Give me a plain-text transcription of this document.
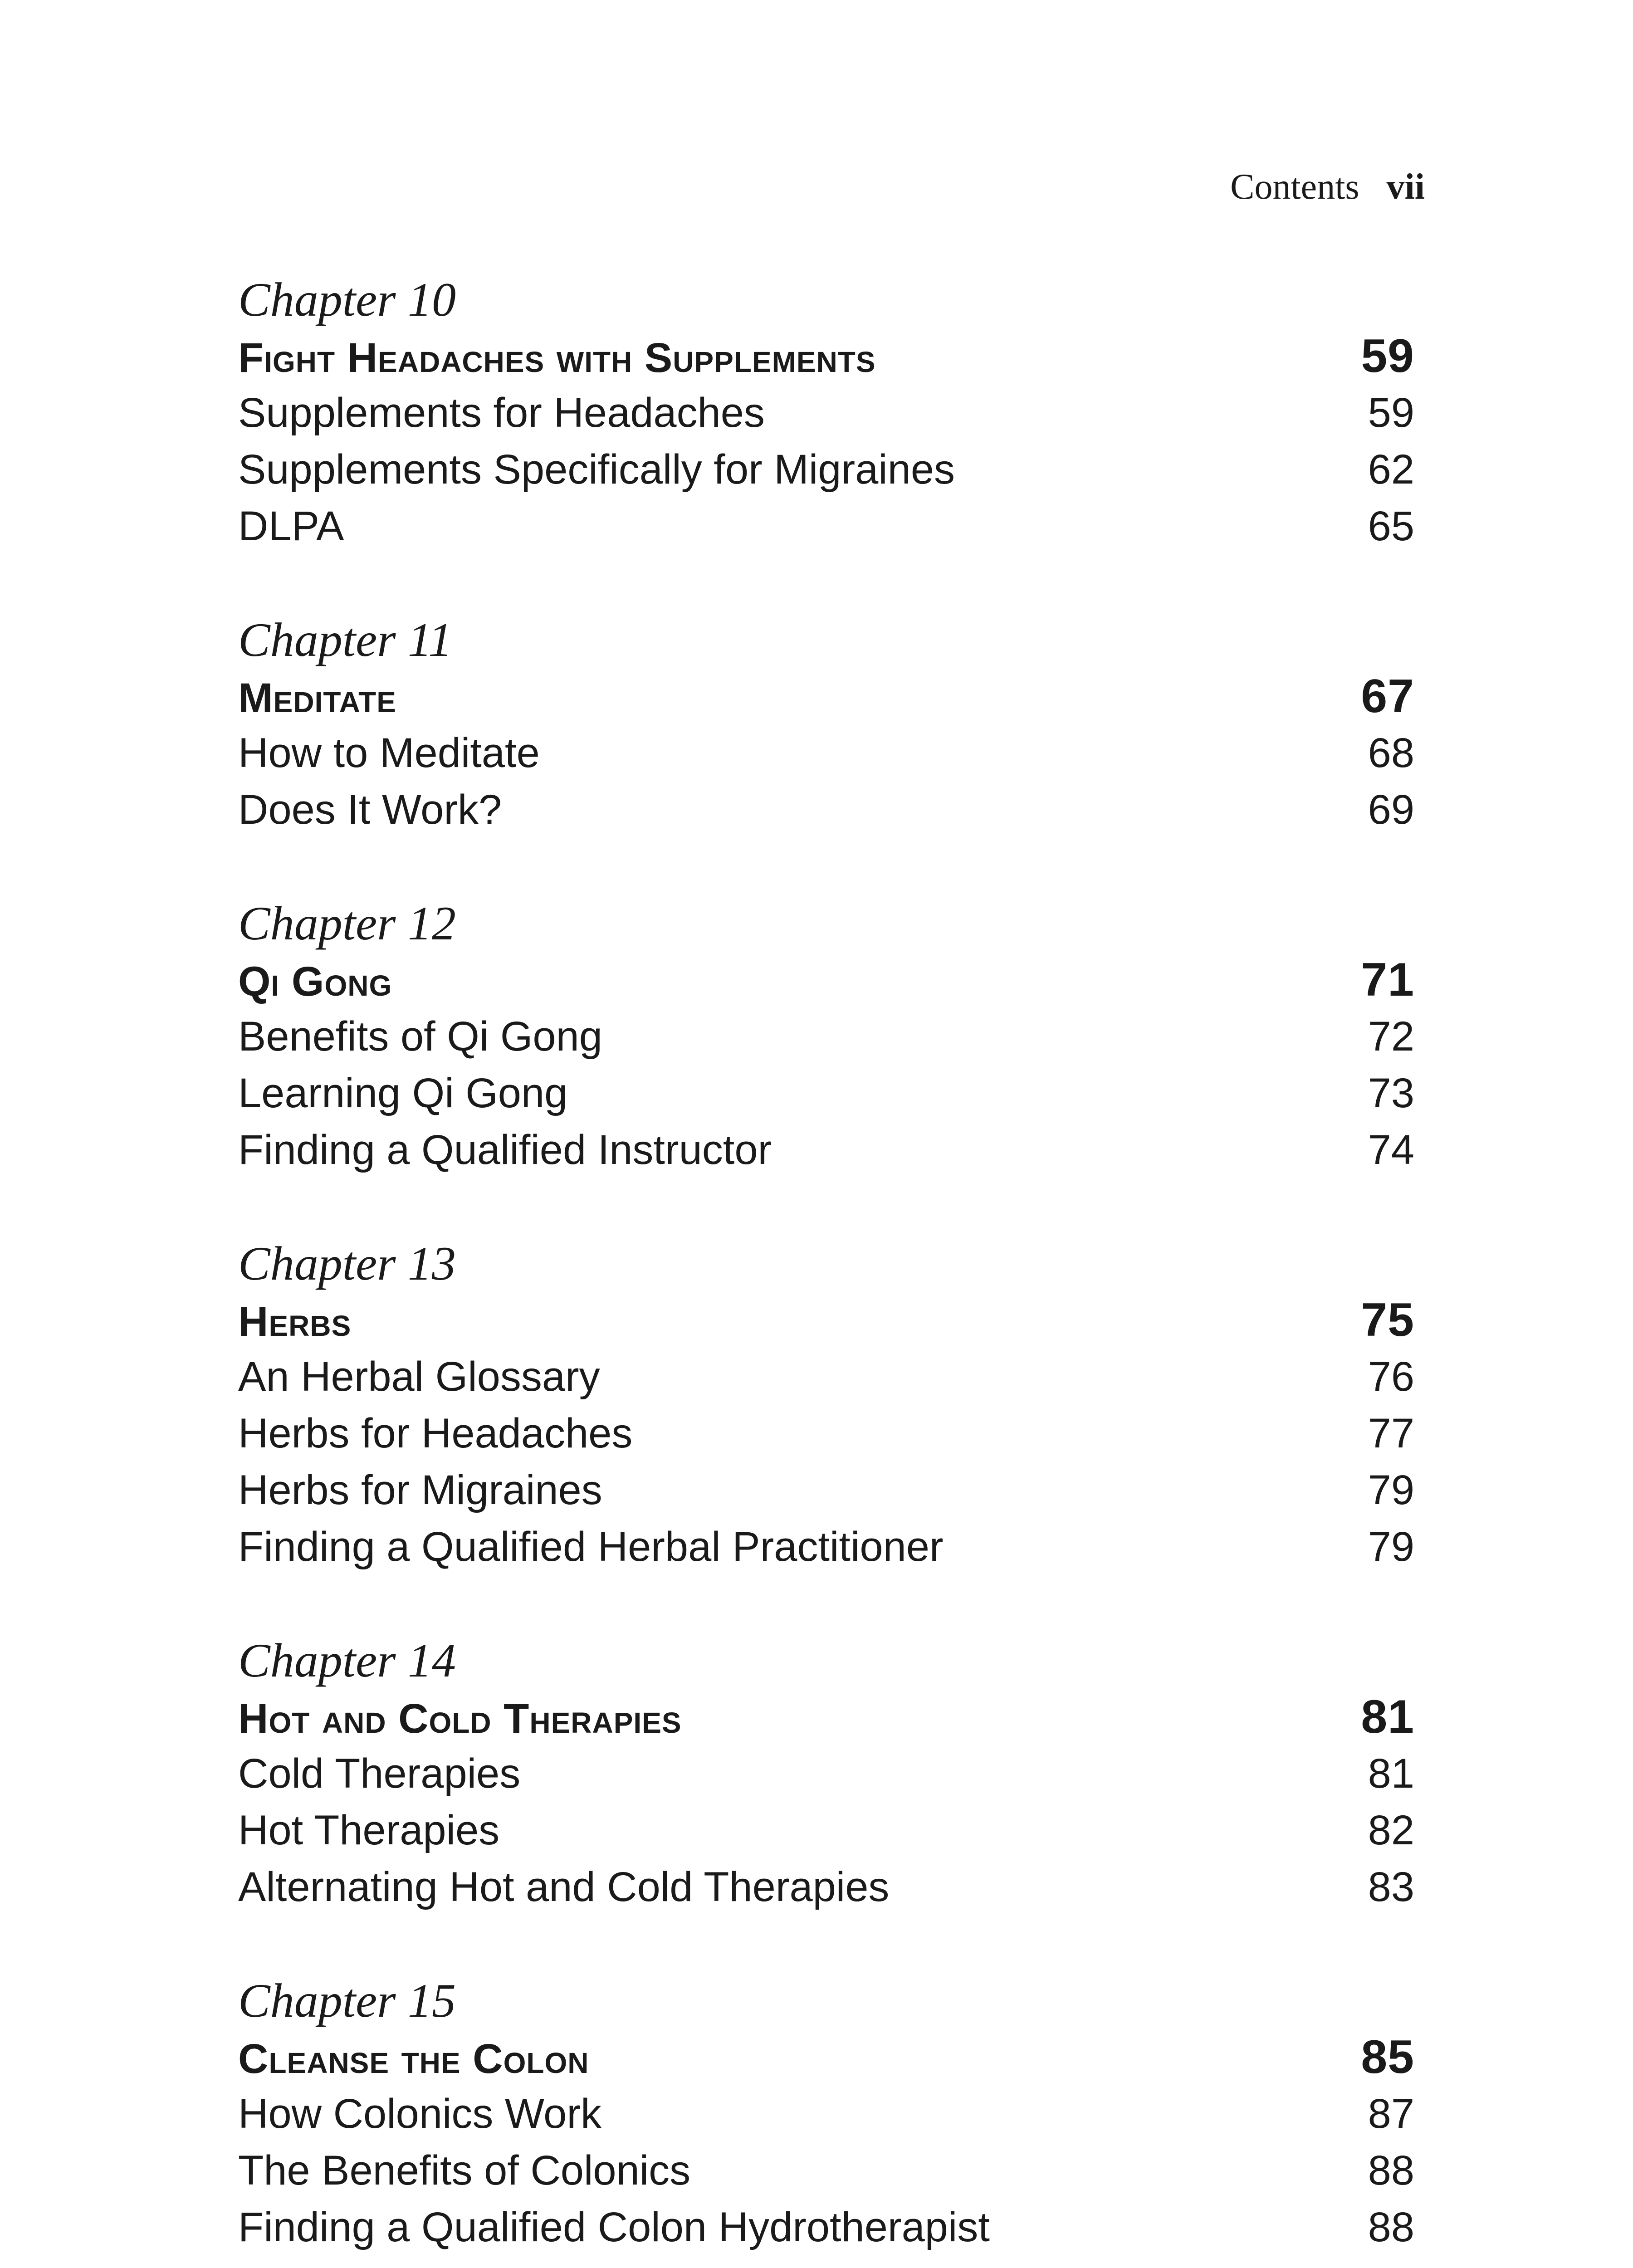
Contents vii
Chapter 10
Fight Headaches with Supplements	59
Supplements for Headaches	59
Supplements Specifically for Migraines	62
DLPA	65
Chapter 11
Meditate	67
How to Meditate	68
Does It Work?	69
Chapter 12
Qi Gong	71
Benefits of Qi Gong	72
Learning Qi Gong	73
Finding a Qualified Instructor	74
Chapter 13
Herbs	75
An Herbal Glossary	76
Herbs for Headaches	77
Herbs for Migraines	79
Finding a Qualified Herbal Practitioner	79
Chapter 14
Hot and Cold Therapies	81
Cold Therapies	81
Hot Therapies	82
Alternating Hot and Cold Therapies	83
Chapter 15
Cleanse the Colon	85
How Colonics Work	87
The Benefits of Colonics	88
Finding a Qualified Colon Hydrotherapist	88
